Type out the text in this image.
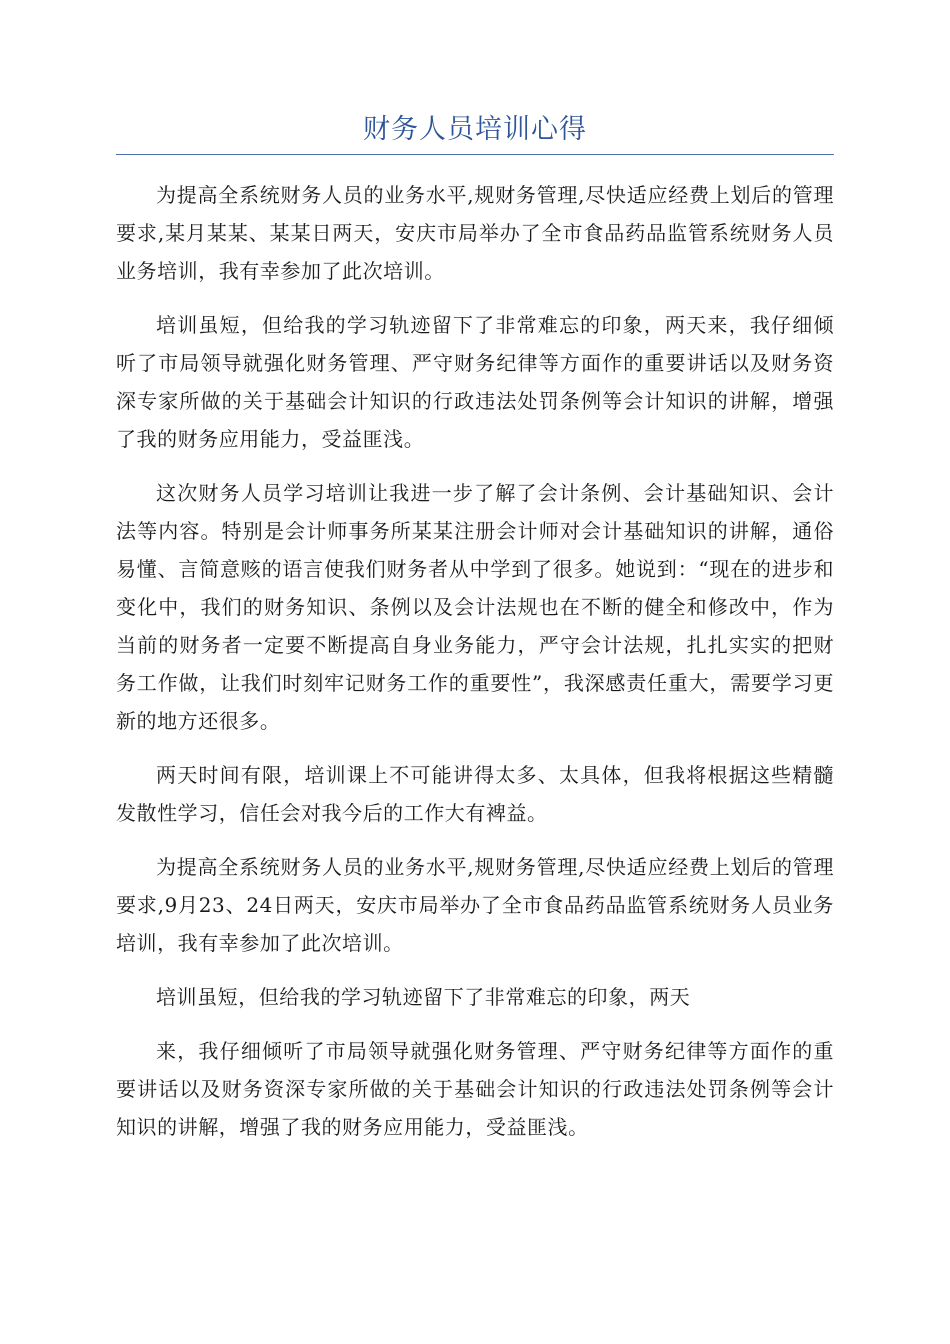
财务人员培训心得

为提高全系统财务人员的业务水平,规财务管理,尽快适应经费上划后的管理要求,某月某某、某某日两天，安庆市局举办了全市食品药品监管系统财务人员业务培训，我有幸参加了此次培训。

培训虽短，但给我的学习轨迹留下了非常难忘的印象，两天来，我仔细倾听了市局领导就强化财务管理、严守财务纪律等方面作的重要讲话以及财务资深专家所做的关于基础会计知识的行政违法处罚条例等会计知识的讲解，增强了我的财务应用能力，受益匪浅。

这次财务人员学习培训让我进一步了解了会计条例、会计基础知识、会计法等内容。特别是会计师事务所某某注册会计师对会计基础知识的讲解，通俗易懂、言简意赅的语言使我们财务者从中学到了很多。她说到：“现在的进步和变化中，我们的财务知识、条例以及会计法规也在不断的健全和修改中，作为当前的财务者一定要不断提高自身业务能力，严守会计法规，扎扎实实的把财务工作做，让我们时刻牢记财务工作的重要性”，我深感责任重大，需要学习更新的地方还很多。

两天时间有限，培训课上不可能讲得太多、太具体，但我将根据这些精髓发散性学习，信任会对我今后的工作大有裨益。

为提高全系统财务人员的业务水平,规财务管理,尽快适应经费上划后的管理要求,9月23、24日两天，安庆市局举办了全市食品药品监管系统财务人员业务培训，我有幸参加了此次培训。

培训虽短，但给我的学习轨迹留下了非常难忘的印象，两天

来，我仔细倾听了市局领导就强化财务管理、严守财务纪律等方面作的重要讲话以及财务资深专家所做的关于基础会计知识的行政违法处罚条例等会计知识的讲解，增强了我的财务应用能力，受益匪浅。
